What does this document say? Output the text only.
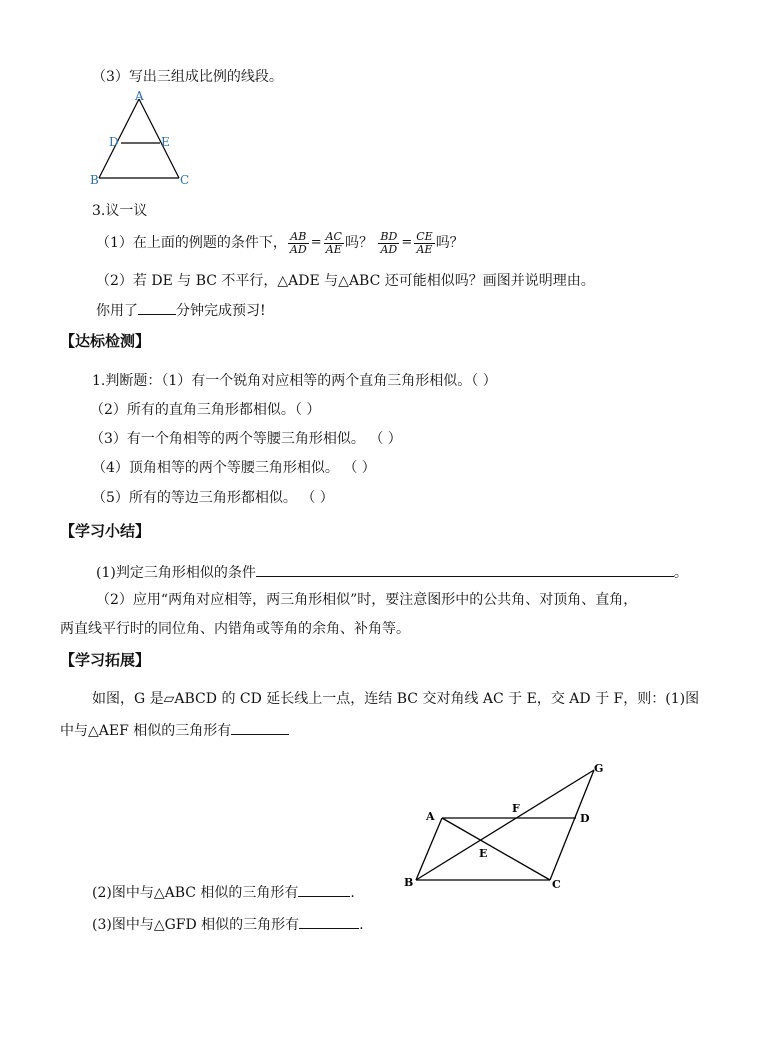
（3）写出三组成比例的线段。
A
D	E
B	C
3.议一议
（1）在上面的例题的条件下， $\frac{AB}{AD} = \frac{AC}{AE}$ 吗？ $\frac{BD}{AD} = \frac{CE}{AE}$ 吗？
（2）若 DE 与 BC 不平行，△ADE 与△ABC 还可能相似吗？画图并说明理由。
你用了	分钟完成预习!
【达标检测】
1.判断题：（1）有一个锐角对应相等的两个直角三角形相似。（ ）
（2）所有的直角三角形都相似。（ ）
（3）有一个角相等的两个等腰三角形相似。 （ ）
（4）顶角相等的两个等腰三角形相似。 （ ）
（5）所有的等边三角形都相似。 （ ）
【学习小结】
(1)判定三角形相似的条件	。
（2）应用“两角对应相等，两三角形相似”时，要注意图形中的公共角、对顶角、直角，
两直线平行时的同位角、内错角或等角的余角、补角等。
【学习拓展】
如图，G 是▱ABCD 的 CD 延长线上一点，连结 BC 交对角线 AC 于 E，交 AD 于 F，则：(1)图
中与△AEF 相似的三角形有
A	D
B	C
G
F
E
(2)图中与△ABC 相似的三角形有	.
(3)图中与△GFD 相似的三角形有	.
